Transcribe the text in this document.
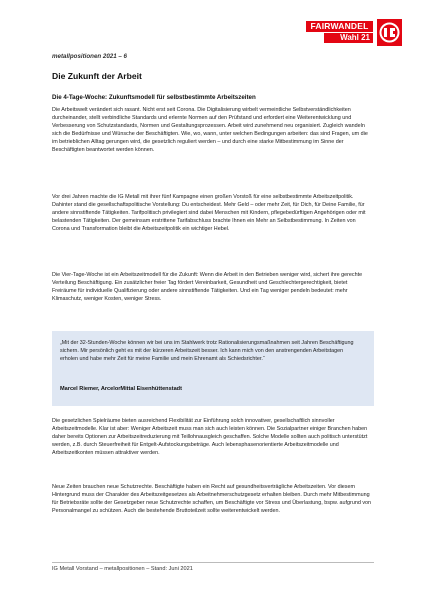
FAIRWANDEL
Wahl 21
metallpositionen 2021 – 6
Die Zukunft der Arbeit
Die 4-Tage-Woche: Zukunftsmodell für selbstbestimmte Arbeitszeiten

Die Arbeitswelt verändert sich rasant. Nicht erst seit Corona. Die Digitalisierung wirbelt vermeintliche Selbstverständlichkeiten durcheinander, stellt verbindliche Standards und erlernte Normen auf den Prüfstand und erfordert eine Weiterentwicklung und Verbesserung von Schutzstandards, Normen und Gestaltungsprozessen. Arbeit wird zunehmend neu organisiert. Zugleich wandeln sich die Bedürfnisse und Wünsche der Beschäftigten. Wie, wo, wann, unter welchen Bedingungen arbeiten: das sind Fragen, um die im betrieblichen Alltag gerungen wird, die gesetzlich reguliert werden – und durch eine starke Mitbestimmung im Sinne der Beschäftigten beantwortet werden können.

Vor drei Jahren machte die IG Metall mit ihrer fünf Kampagne einen großen Vorstoß für eine selbstbestimmte Arbeitszeitpolitik. Dahinter stand die gesellschaftspolitische Vorstellung: Du entscheidest. Mehr Geld – oder mehr Zeit, für Dich, für Deine Familie, für andere sinnstiftende Tätigkeiten. Tarifpolitisch privilegiert sind dabei Menschen mit Kindern, pflegebedürftigen Angehörigen oder mit belastenden Tätigkeiten. Der gemeinsam erstrittene Tarifabschluss brachte Ihnen ein Mehr an Selbstbestimmung. In Zeiten von Corona und Transformation bleibt die Arbeitszeitpolitik ein wichtiger Hebel.

Die Vier-Tage-Woche ist ein Arbeitszeitmodell für die Zukunft: Wenn die Arbeit in den Betrieben weniger wird, sichert ihre gerechte Verteilung Beschäftigung. Ein zusätzlicher freier Tag fördert Vereinbarkeit, Gesundheit und Geschlechtergerechtigkeit, bietet Freiräume für individuelle Qualifizierung oder andere sinnstiftende Tätigkeiten. Und ein Tag weniger pendeln bedeutet: mehr Klimaschutz, weniger Kosten, weniger Stress.

„Mit der 32-Stunden-Woche können wir bei uns im Stahlwerk trotz Rationalisierungsmaßnahmen seit Jahren Beschäftigung sichern. Mir persönlich geht es mit der kürzeren Arbeitszeit besser. Ich kann mich von den anstrengenden Arbeitstagen erholen und habe mehr Zeit für meine Familie und mein Ehrenamt als Schiedsrichter.“

Marcel Riemer, ArcelorMittal Eisenhüttenstadt

Die gesetzlichen Spielräume bieten ausreichend Flexibilität zur Einführung solch innovativer, gesellschaftlich sinnvoller Arbeitszeitmodelle. Klar ist aber: Weniger Arbeitszeit muss man sich auch leisten können. Die Sozialpartner einiger Branchen haben daher bereits Optionen zur Arbeitszeitreduzierung mit Teillohnausgleich geschaffen. Solche Modelle sollten auch politisch unterstützt werden, z.B. durch Steuerfreiheit für Entgelt-Aufstockungsbeträge. Auch lebensphasenorientierte Arbeitszeitmodelle und Arbeitszeitkonten müssen attraktiver werden.

Neue Zeiten brauchen neue Schutzrechte. Beschäftigte haben ein Recht auf gesundheitsverträgliche Arbeitszeiten. Vor diesem Hintergrund muss der Charakter des Arbeitszeitgesetzes als Arbeitnehmerschutzgesetz erhalten bleiben. Durch mehr Mitbestimmung für Betriebsräte sollte der Gesetzgeber neue Schutzrechte schaffen, um Beschäftigte vor Stress und Überlastung, bspw. aufgrund von Personalmangel zu schützen. Auch die bestehende Bruttoteilzeit sollte weiterentwickelt werden.

IG Metall Vorstand – metallpositionen – Stand: Juni 2021
